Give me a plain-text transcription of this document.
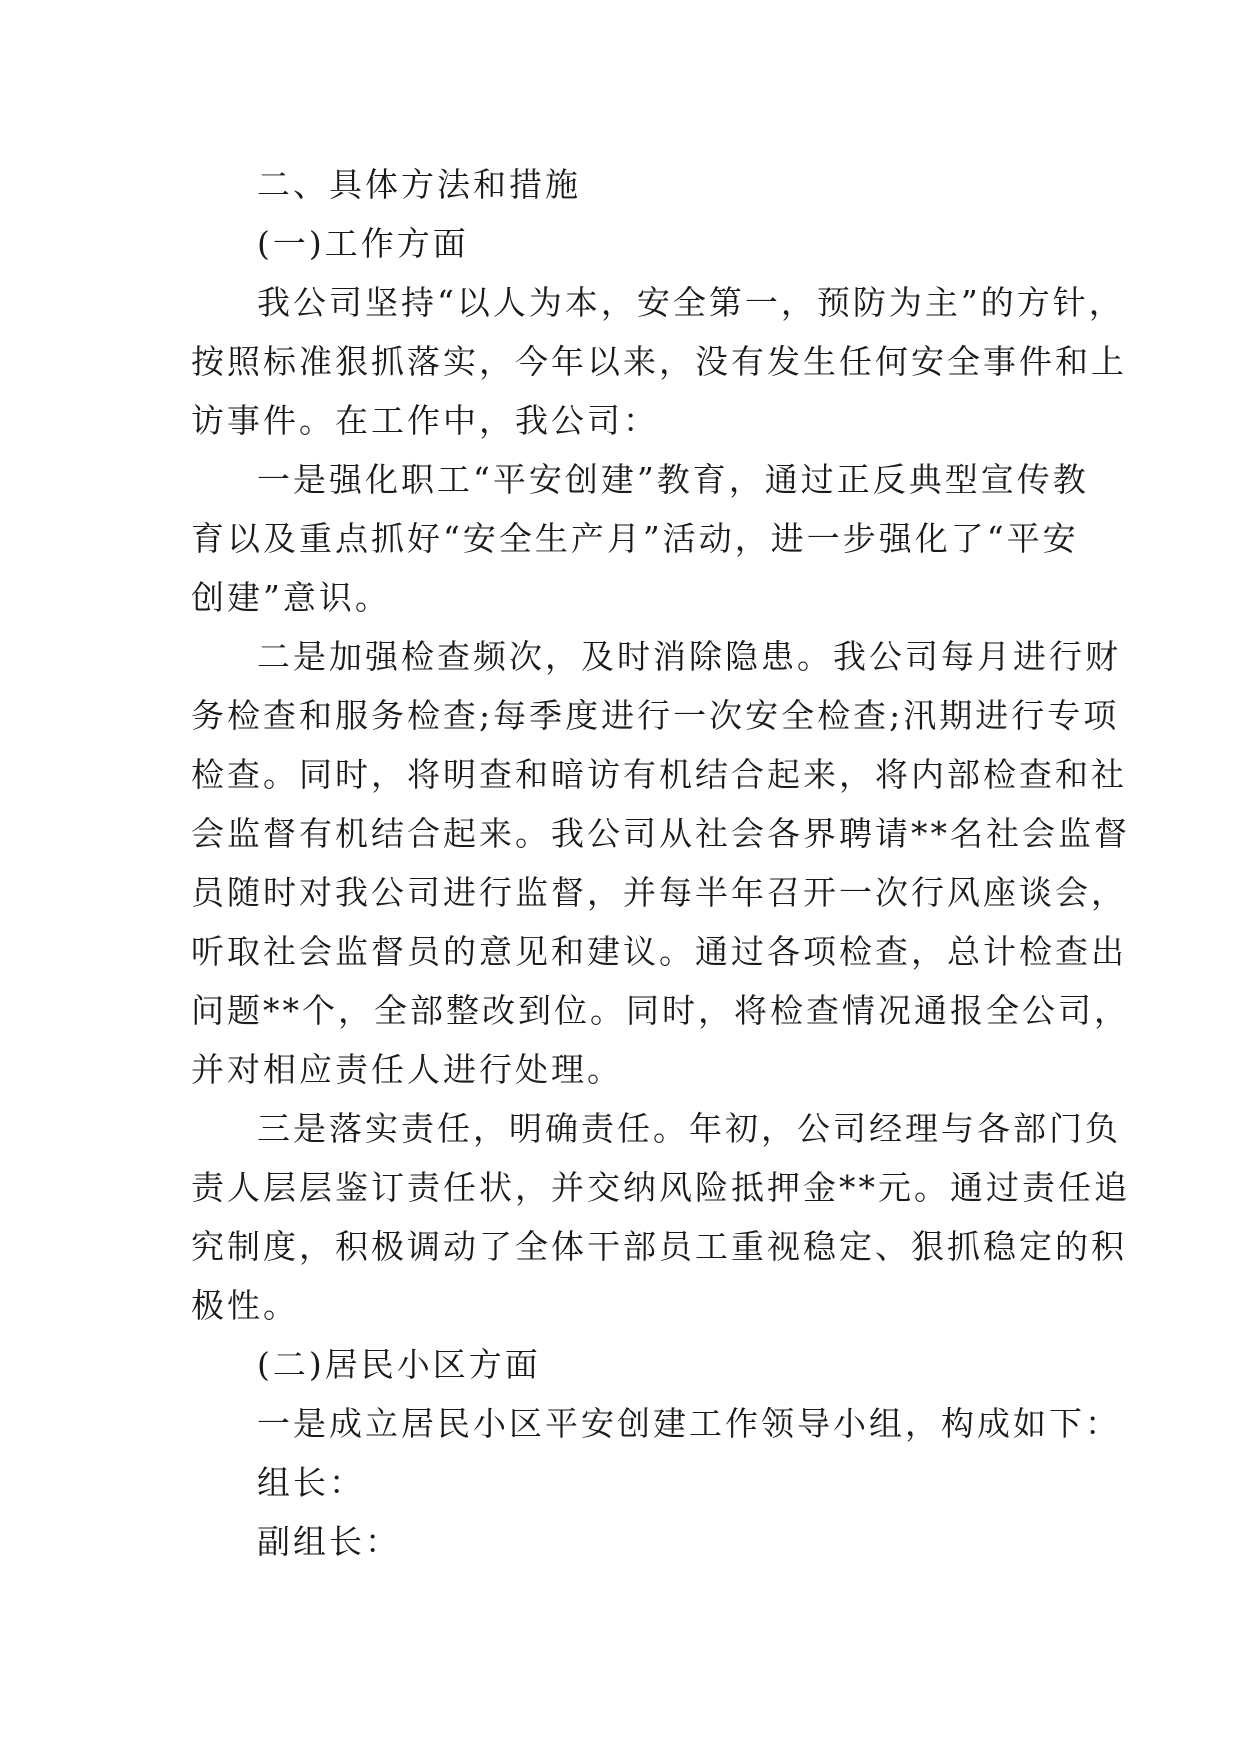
二、具体方法和措施
(一)工作方面
我公司坚持“以人为本，安全第一，预防为主”的方针，
按照标准狠抓落实，今年以来，没有发生任何安全事件和上
访事件。在工作中，我公司：
一是强化职工“平安创建”教育，通过正反典型宣传教
育以及重点抓好“安全生产月”活动，进一步强化了“平安
创建”意识。
二是加强检查频次，及时消除隐患。我公司每月进行财
务检查和服务检查;每季度进行一次安全检查;汛期进行专项
检查。同时，将明查和暗访有机结合起来，将内部检查和社
会监督有机结合起来。我公司从社会各界聘请**名社会监督
员随时对我公司进行监督，并每半年召开一次行风座谈会，
听取社会监督员的意见和建议。通过各项检查，总计检查出
问题**个，全部整改到位。同时，将检查情况通报全公司，
并对相应责任人进行处理。
三是落实责任，明确责任。年初，公司经理与各部门负
责人层层鉴订责任状，并交纳风险抵押金**元。通过责任追
究制度，积极调动了全体干部员工重视稳定、狠抓稳定的积
极性。
(二)居民小区方面
一是成立居民小区平安创建工作领导小组，构成如下：
组长：
副组长：
